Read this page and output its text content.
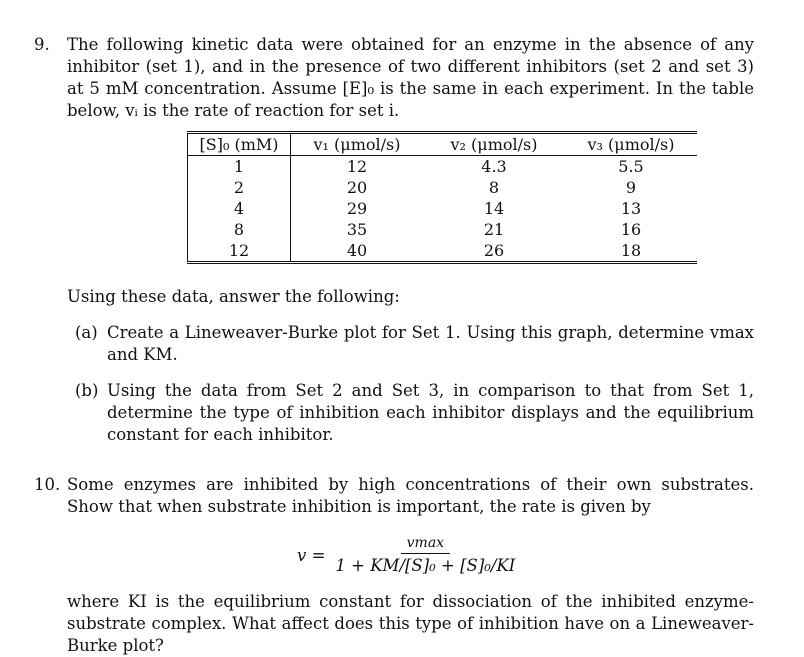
9.	The following kinetic data were obtained for an enzyme in the absence of any inhibitor (set 1), and in the presence of two different inhibitors (set 2 and set 3) at 5 mM concentration. Assume [E]₀ is the same in each experiment. In the table below, vᵢ is the rate of reaction for set i.

[S]₀ (mM)	v₁ (μmol/s)	v₂ (μmol/s)	v₃ (μmol/s)
1	12	4.3	5.5
2	20	8	9
4	29	14	13
8	35	21	16
12	40	26	18

Using these data, answer the following:

(a) Create a Lineweaver-Burke plot for Set 1. Using this graph, determine vmax and KM.

(b) Using the data from Set 2 and Set 3, in comparison to that from Set 1, determine the type of inhibition each inhibitor displays and the equilibrium constant for each inhibitor.

10. Some enzymes are inhibited by high concentrations of their own substrates. Show that when substrate inhibition is important, the rate is given by

$v = \frac{vmax}{\text{1 + KM/[S]₀ + [S]₀/KI}}$

where KI is the equilibrium constant for dissociation of the inhibited enzyme-substrate complex. What affect does this type of inhibition have on a Lineweaver-Burke plot?
